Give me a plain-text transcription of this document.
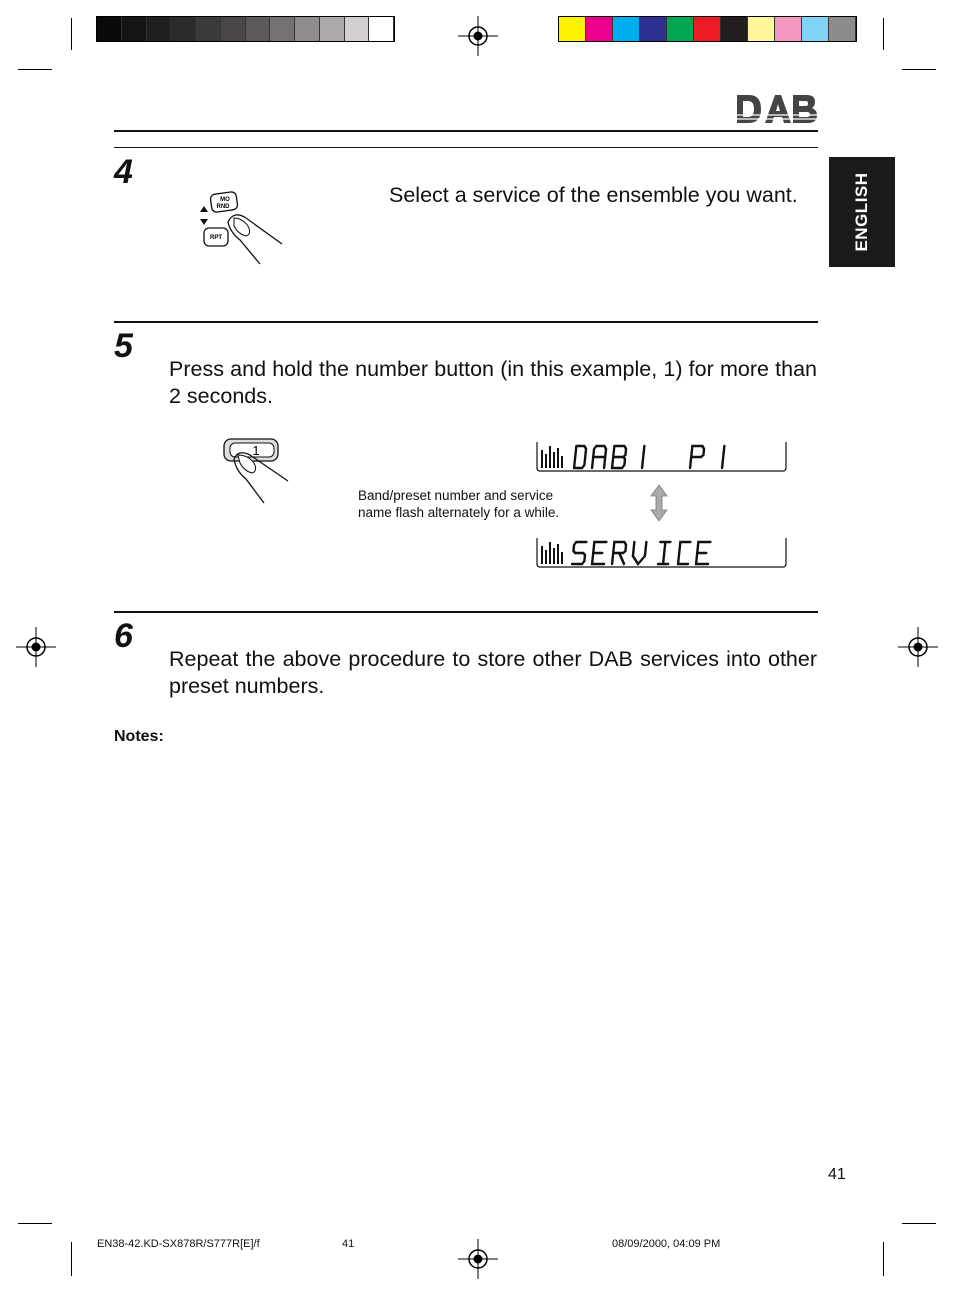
ENGLISH
4
MO
RND
RPT
Select a service of the ensemble you want.
5
Press and hold the number button (in this example, 1) for more than 2 seconds.
1
DAB1 P1
Band/preset number and service
name flash alternately for a while.
SERVICE
6
Repeat the above procedure to store other DAB services into other preset numbers.
Notes:
41
EN38-42.KD-SX878R/S777R[E]/f	41	08/09/2000, 04:09 PM
